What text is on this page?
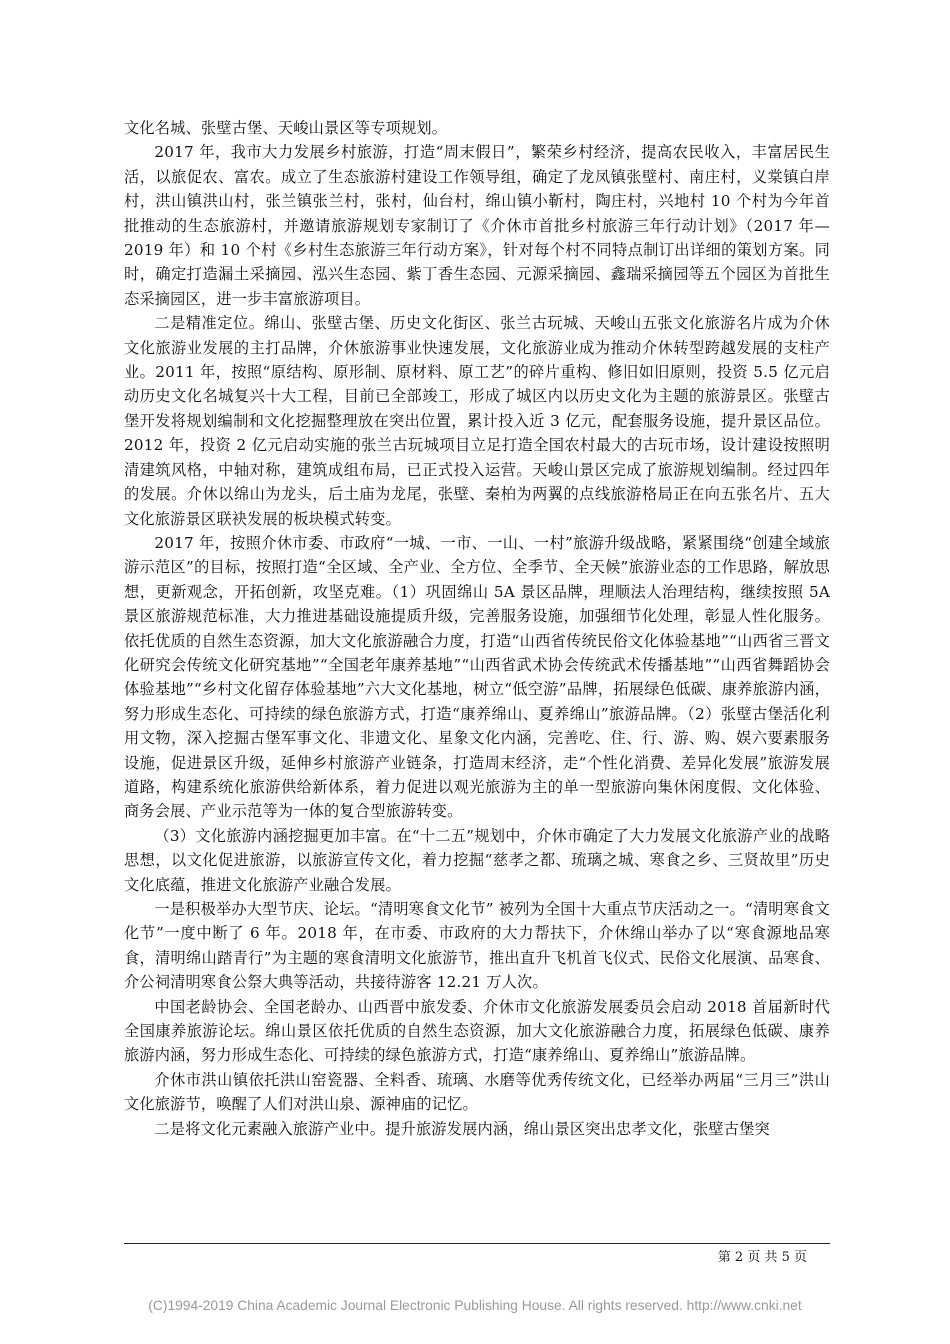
文化名城、张壁古堡、天峻山景区等专项规划。

2017 年，我市大力发展乡村旅游，打造“周末假日”，繁荣乡村经济，提高农民收入，丰富居民生活，以旅促农、富农。成立了生态旅游村建设工作领导组，确定了龙凤镇张壁村、南庄村，义棠镇白岸村，洪山镇洪山村，张兰镇张兰村，张村，仙台村，绵山镇小靳村，陶庄村，兴地村 10 个村为今年首批推动的生态旅游村，并邀请旅游规划专家制订了《介休市首批乡村旅游三年行动计划》（2017 年—2019 年）和 10 个村《乡村生态旅游三年行动方案》，针对每个村不同特点制订出详细的策划方案。同时，确定打造漏土采摘园、泓兴生态园、紫丁香生态园、元源采摘园、鑫瑞采摘园等五个园区为首批生态采摘园区，进一步丰富旅游项目。

二是精准定位。绵山、张壁古堡、历史文化街区、张兰古玩城、天峻山五张文化旅游名片成为介休文化旅游业发展的主打品牌，介休旅游事业快速发展，文化旅游业成为推动介休转型跨越发展的支柱产业。2011 年，按照“原结构、原形制、原材料、原工艺”的碎片重构、修旧如旧原则，投资 5.5 亿元启动历史文化名城复兴十大工程，目前已全部竣工，形成了城区内以历史文化为主题的旅游景区。张壁古堡开发将规划编制和文化挖掘整理放在突出位置，累计投入近 3 亿元，配套服务设施，提升景区品位。2012 年，投资 2 亿元启动实施的张兰古玩城项目立足打造全国农村最大的古玩市场，设计建设按照明清建筑风格，中轴对称，建筑成组布局，已正式投入运营。天峻山景区完成了旅游规划编制。经过四年的发展。介休以绵山为龙头，后土庙为龙尾，张壁、秦柏为两翼的点线旅游格局正在向五张名片、五大文化旅游景区联袂发展的板块模式转变。

2017 年，按照介休市委、市政府“一城、一市、一山、一村”旅游升级战略，紧紧围绕“创建全域旅游示范区”的目标，按照打造“全区域、全产业、全方位、全季节、全天候”旅游业态的工作思路，解放思想，更新观念，开拓创新，攻坚克难。（1）巩固绵山 5A 景区品牌，理顺法人治理结构，继续按照 5A 景区旅游规范标准，大力推进基础设施提质升级，完善服务设施，加强细节化处理，彰显人性化服务。依托优质的自然生态资源，加大文化旅游融合力度，打造“山西省传统民俗文化体验基地”“山西省三晋文化研究会传统文化研究基地”“全国老年康养基地”“山西省武术协会传统武术传播基地”“山西省舞蹈协会体验基地”“乡村文化留存体验基地”六大文化基地，树立“低空游”品牌，拓展绿色低碳、康养旅游内涵，努力形成生态化、可持续的绿色旅游方式，打造“康养绵山、夏养绵山”旅游品牌。（2）张壁古堡活化利用文物，深入挖掘古堡军事文化、非遗文化、星象文化内涵，完善吃、住、行、游、购、娱六要素服务设施，促进景区升级，延伸乡村旅游产业链条，打造周末经济，走“个性化消费、差异化发展”旅游发展道路，构建系统化旅游供给新体系，着力促进以观光旅游为主的单一型旅游向集休闲度假、文化体验、商务会展、产业示范等为一体的复合型旅游转变。

（3）文化旅游内涵挖掘更加丰富。在“十二五”规划中，介休市确定了大力发展文化旅游产业的战略思想，以文化促进旅游，以旅游宣传文化，着力挖掘“慈孝之都、琉璃之城、寒食之乡、三贤故里”历史文化底蕴，推进文化旅游产业融合发展。

一是积极举办大型节庆、论坛。“清明寒食文化节” 被列为全国十大重点节庆活动之一。“清明寒食文化节”一度中断了 6 年。2018 年，在市委、市政府的大力帮扶下，介休绵山举办了以“寒食源地品寒食，清明绵山踏青行”为主题的寒食清明文化旅游节，推出直升飞机首飞仪式、民俗文化展演、品寒食、介公祠清明寒食公祭大典等活动，共接待游客 12.21 万人次。

中国老龄协会、全国老龄办、山西晋中旅发委、介休市文化旅游发展委员会启动 2018 首届新时代全国康养旅游论坛。绵山景区依托优质的自然生态资源，加大文化旅游融合力度，拓展绿色低碳、康养旅游内涵，努力形成生态化、可持续的绿色旅游方式，打造“康养绵山、夏养绵山”旅游品牌。

介休市洪山镇依托洪山窑瓷器、全料香、琉璃、水磨等优秀传统文化，已经举办两届“三月三”洪山文化旅游节，唤醒了人们对洪山泉、源神庙的记忆。

二是将文化元素融入旅游产业中。提升旅游发展内涵，绵山景区突出忠孝文化，张壁古堡突

第 2 页 共 5 页
(C)1994-2019 China Academic Journal Electronic Publishing House. All rights reserved. http://www.cnki.net
